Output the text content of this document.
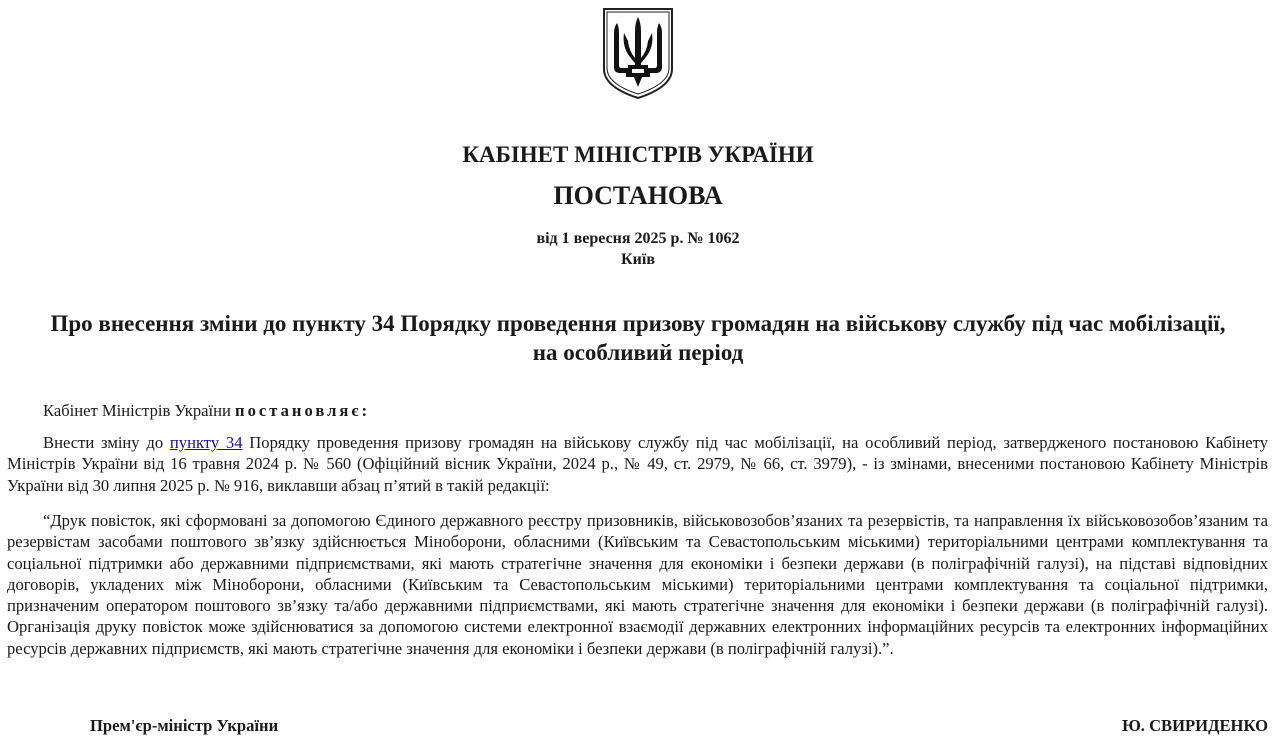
КАБІНЕТ МІНІСТРІВ УКРАЇНИ
ПОСТАНОВА
від 1 вересня 2025 р. № 1062
Київ
Про внесення зміни до пункту 34 Порядку проведення призову громадян на військову службу під час мобілізації, на особливий період

Кабінет Міністрів України постановляє:

Внести зміну до пункту 34 Порядку проведення призову громадян на військову службу під час мобілізації, на особливий період, затвердженого постановою Кабінету Міністрів України від 16 травня 2024 р. № 560 (Офіційний вісник України, 2024 р., № 49, ст. 2979, № 66, ст. 3979), - із змінами, внесеними постановою Кабінету Міністрів України від 30 липня 2025 р. № 916, виклавши абзац п’ятий в такій редакції:

“Друк повісток, які сформовані за допомогою Єдиного державного реєстру призовників, військовозобов’язаних та резервістів, та направлення їх військовозобов’язаним та резервістам засобами поштового зв’язку здійснюється Міноборони, обласними (Київським та Севастопольським міськими) територіальними центрами комплектування та соціальної підтримки або державними підприємствами, які мають стратегічне значення для економіки і безпеки держави (в поліграфічній галузі), на підставі відповідних договорів, укладених між Міноборони, обласними (Київським та Севастопольським міськими) територіальними центрами комплектування та соціальної підтримки, призначеним оператором поштового зв’язку та/або державними підприємствами, які мають стратегічне значення для економіки і безпеки держави (в поліграфічній галузі). Організація друку повісток може здійснюватися за допомогою системи електронної взаємодії державних електронних інформаційних ресурсів та електронних інформаційних ресурсів державних підприємств, які мають стратегічне значення для економіки і безпеки держави (в поліграфічній галузі).”.

Прем'єр-міністр України	Ю. СВИРИДЕНКО
